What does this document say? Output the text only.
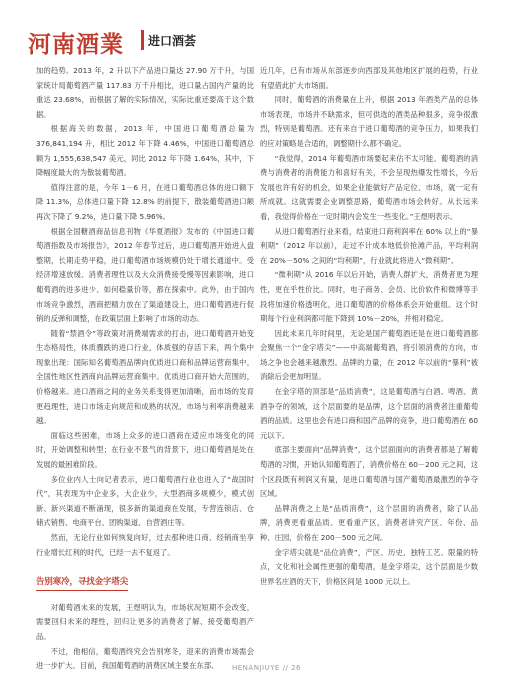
河南酒業 进口酒荟

加的趋势。2013 年，2 升以下产品进口量达 27.90 万千升，与国家统计局葡萄酒产量 117.83 万千升相比，进口量占国内产量的比重达 23.68%，而根据了解的实际情况，实际比重还要高于这个数据。

根据海关的数据，2013 年，中国进口葡萄酒总量为 376,841,194 升，相比 2012 年下降 4.46%，中国进口葡萄酒总额为 1,555,638,547 美元，同比 2012 年下降 1.64%，其中，下降幅度最大的为散装葡萄酒。

值得注意的是，今年 1－6 月，在进口葡萄酒总体的进口额下降 11.3%，总体进口量下降 12.8% 的前提下，散装葡萄酒进口额再次下降了 9.2%，进口量下降 5.96%。

根据全国糖酒商品信息刊物《华夏酒报》发布的《中国进口葡萄酒指数及市场报告》，2012 年春节过后，进口葡萄酒开始进入盘整期，长期走势平稳，进口葡萄酒市场规模仍处于增长通道中。受经济增速放缓、消费者理性以及大众消费接受慢等因素影响，进口葡萄酒的进多进少、如何稳量价等，都在探索中。此外，由于国内市场竞争激烈，酒商把精力放在了渠道建设上，进口葡萄酒进行促销的反弹和调整，在政策层面上影响了市场的动态。

随着“禁酒令”等政策对消费端需求的打击，进口葡萄酒开始变生态格局性，体质骤跌的进口行业，体质强的存活下来，两个集中现象出现：国际知名葡萄酒品牌向优质进口商和品牌运营商集中，全国性地区性酒商向品牌运营商集中。优质进口商开始大范围的，价格越来。进口酒商之间的业务关系变得更加清晰，而市场的发育更趋理性，进口市场走向规范和成熟的状况，市场与利率消费越来越。

面临这些困难，市场上众多的进口酒商在适应市场变化的同时，开始调整和转型；在行业不景气的背景下，进口葡萄酒是处在发展的最困难阶段。

多位业内人士向记者表示，进口葡萄酒行业也进入了“战国时代”，其表现为中企业多，大企业少，大型酒商多规模少，模式创新、新兴渠道不断涌现，很多新的渠道商在发展，专营连锁店、仓储式销售、电商平台、团购渠道、自营酒庄等。

然而，无论行业如何恢复向好，过去那种进口商、经销商坐享行业增长红利的时代，已经一去不复返了。

告别寒冷，寻找金字塔尖

对葡萄酒未来的发展，王煜明认为，市场状况短期不会改变，需要回归未来的理性，回归让更多的消费者了解、接受葡萄酒产品。

不过，他相信，葡萄酒终究会告别寒冬，迎来的消费市场需会进一步扩大。目前，我国葡萄酒的消费区域主要在东部、

近几年，已有市场从东部逐步向西部及其他地区扩展的趋势，行业有望借此扩大市场面。

同时，葡萄酒的消费量在上升，根据 2013 年酒类产品的总体市场表现，市场并不缺需求，但可供选的酒类品种很多，竞争很激烈，特别是葡萄酒。还有来自于进口葡萄酒的竞争压力，如果我们的应对策略是合适的，调整期什么都不确定。

“我觉得，2014 年葡萄酒市场要起来估不太可能。葡萄酒的消费与消费者的消费能力和喜好有关，不会呈现热爆发性增长，今后发展也许有好的机会，如果企业能做好产品定位、市场，就一定有所成就。这就需要企业调整思路，葡萄酒市场会转好。从长远来看，我觉得价格在一定时期内会发生一些变化。”王煜明表示。

从进口葡萄酒行业来看，结束进口商利润率在 60% 以上的“暴利期”（2012 年以前），走过不计成本地低价抢滩产品，平均利润在 20%－50% 之间的“均利期”，行业就此将进入“微利期”。

“微利期”从 2016 年以后开始，消费人群扩大，消费者更为理性，更在乎性价比。同时，电子商务、会员、比价软件和微博等手段将加速价格透明化，进口葡萄酒的价格体系会开始重组。这个时期每个行业利润都可能下降到 10%－20%，并相对稳定。

因此未来几年时间里，无论是国产葡萄酒还是在进口葡萄酒都会聚焦一个“金字塔尖”——中高端葡萄酒，将引领消费的方向，市场之争也会越来越激烈。品牌的力量，在 2012 年以前的“暴利”被消除后会更加明显。

在金字塔的顶部是“品质消费”，这是葡萄酒与白酒、啤酒、黄酒争夺的领域，这个层面要的是品牌，这个层面的消费者注重葡萄酒的品质。这里也会有进口商和国产品牌的竞争，进口葡萄酒在 60 元以下。

底部主要面向“品牌消费”，这个层面面向的消费者都是了解葡萄酒的习惯，开始认知葡萄酒了，消费价格在 60－200 元之间，这个区段既有利润又有量，是进口葡萄酒与国产葡萄酒最激烈的争夺区域。

品牌消费之上是“品质消费”，这个层面的消费者，除了认品牌，消费更看重品质、更看重产区，消费者讲究产区、年份、品种、庄园，价格在 200－500 元之间。

金字塔尖就是“品位消费”，产区、历史、独特工艺、限量的特点，文化和社会属性更强的葡萄酒，是金字塔尖，这个层面是少数世界名庄酒的天下，价格区间是 1000 元以上。

HENANJIUYE // 26
